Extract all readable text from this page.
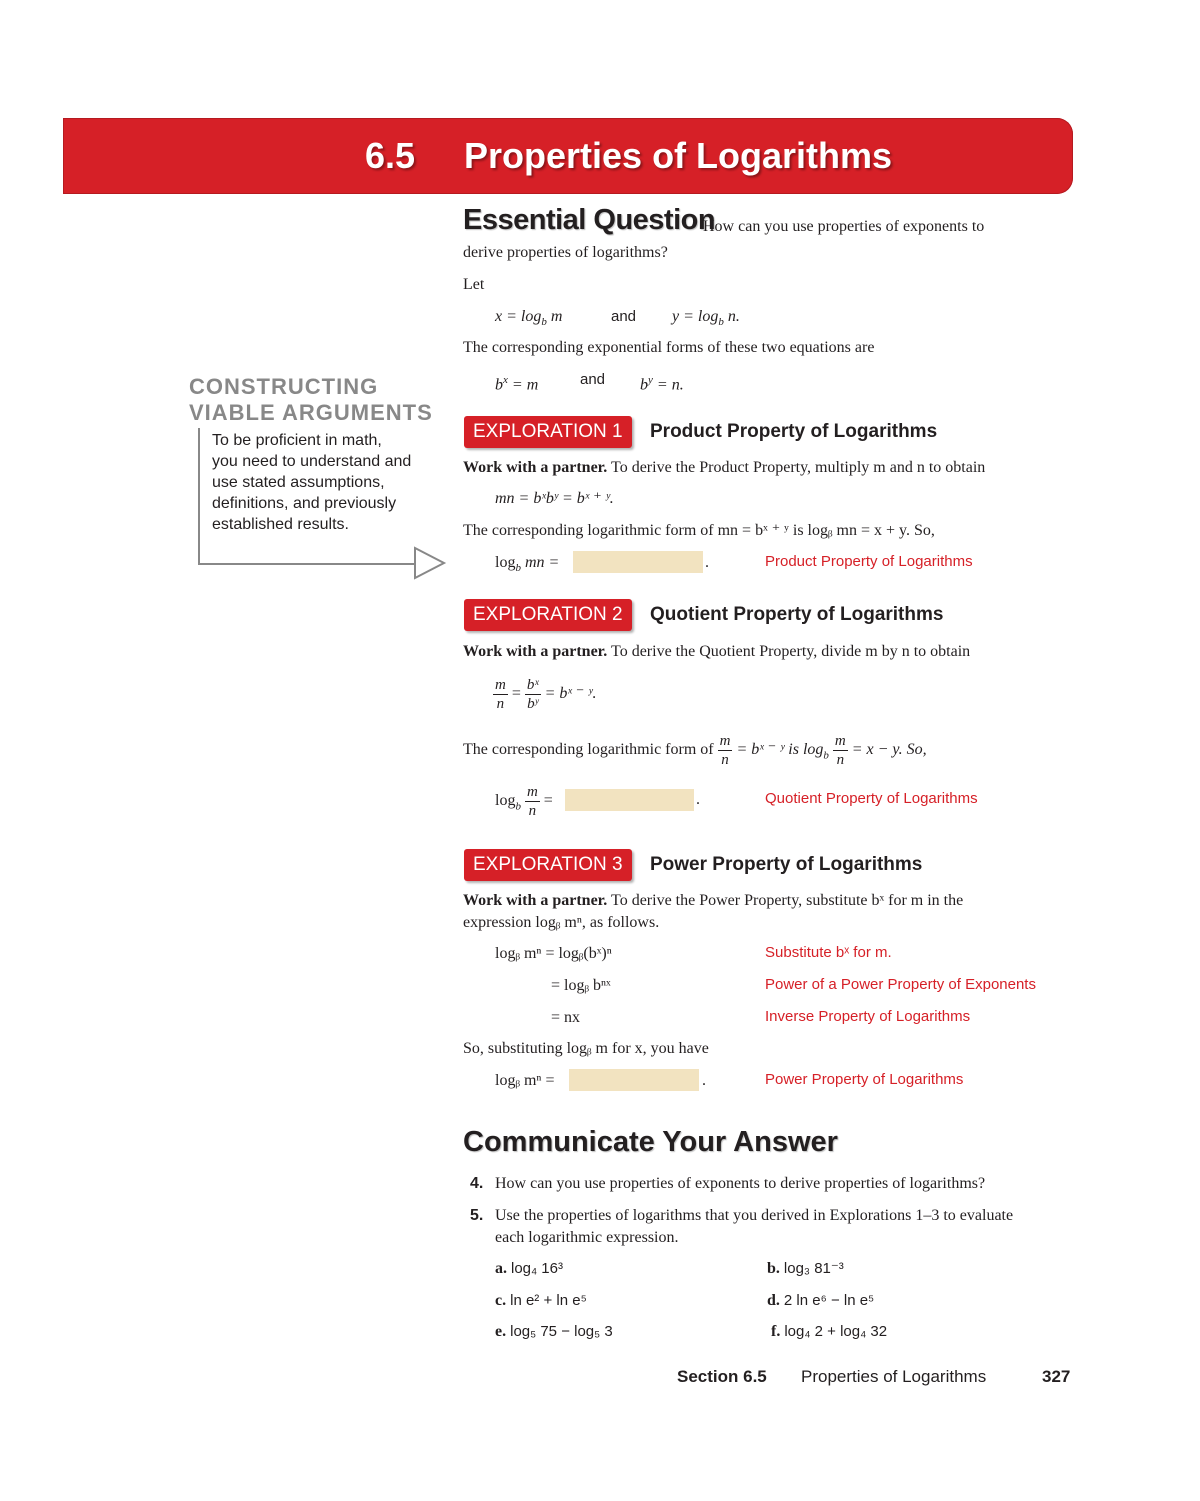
6.5 Properties of Logarithms
Essential Question
How can you use properties of exponents to
derive properties of logarithms?
Let
$x = \log_b m$	and $y = \log_b n$.
The corresponding exponential forms of these two equations are
$b^x = m$	and $b^y = n$.
CONSTRUCTING
VIABLE ARGUMENTS
To be proficient in math, you need to understand and use stated assumptions, definitions, and previously established results.
EXPLORATION 1	Product Property of Logarithms
Work with a partner. To derive the Product Property, multiply m and n to obtain
mn = bˣbʸ = bˣ ⁺ ʸ.
The corresponding logarithmic form of mn = bˣ ⁺ ʸ is logᵦ mn = x + y. So,
$\log_b$ mn =	.	Product Property of Logarithms
EXPLORATION 2	Quotient Property of Logarithms
Work with a partner. To derive the Quotient Property, divide m by n to obtain
$\frac{m}{n} = \frac{\text{bˣ}}{\text{bʸ}}$ = bˣ ⁻ ʸ.
The corresponding logarithmic form of $\frac{m}{n}$ = bˣ ⁻ ʸ is $\log_b \frac{m}{n} = x - y$. So,
$\log_b \frac{m}{n}$ =	.	Quotient Property of Logarithms
EXPLORATION 3	Power Property of Logarithms
Work with a partner. To derive the Power Property, substitute bˣ for m in the
expression logᵦ mⁿ, as follows.
logᵦ mⁿ = logᵦ(bˣ)ⁿ	Substitute bˣ for m.
= logᵦ bⁿˣ	Power of a Power Property of Exponents
= nx	Inverse Property of Logarithms
So, substituting logᵦ m for x, you have
logᵦ mⁿ =	.	Power Property of Logarithms
Communicate Your Answer
4. How can you use properties of exponents to derive properties of logarithms?
5. Use the properties of logarithms that you derived in Explorations 1–3 to evaluate
each logarithmic expression.
a. log₄ 16³	b. log₃ 81⁻³
c. ln e² + ln e⁵	d. 2 ln e⁶ − ln e⁵
e. log₅ 75 − log₅ 3	f. log₄ 2 + log₄ 32
Section 6.5 Properties of Logarithms	327
